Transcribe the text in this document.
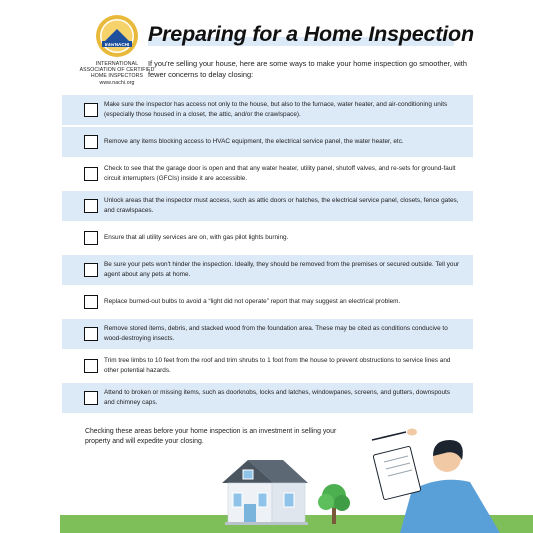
InterNACHI
INTERNATIONAL
ASSOCIATION OF CERTIFIED
HOME INSPECTORS
www.nachi.org
Preparing for a Home Inspection

If you're selling your house, here are some ways to make your home inspection go smoother, with fewer concerns to delay closing:

Make sure the inspector has access not only to the house, but also to the furnace, water heater, and air-conditioning units (especially those housed in a closet, the attic, and/or the crawlspace).
Remove any items blocking access to HVAC equipment, the electrical service panel, the water heater, etc.
Check to see that the garage door is open and that any water heater, utility panel, shutoff valves, and re-sets for ground-fault circuit interrupters (GFCIs) inside it are accessible.
Unlock areas that the inspector must access, such as attic doors or hatches, the electrical service panel, closets, fence gates, and crawlspaces.
Ensure that all utility services are on, with gas pilot lights burning.
Be sure your pets won't hinder the inspection. Ideally, they should be removed from the premises or secured outside. Tell your agent about any pets at home.
Replace burned-out bulbs to avoid a “light did not operate” report that may suggest an electrical problem.
Remove stored items, debris, and stacked wood from the foundation area. These may be cited as conditions conducive to wood-destroying insects.
Trim tree limbs to 10 feet from the roof and trim shrubs to 1 foot from the house to prevent obstructions to service lines and other potential hazards.
Attend to broken or missing items, such as doorknobs, locks and latches, windowpanes, screens, and gutters, downspouts and chimney caps.

Checking these areas before your home inspection is an investment in selling your property and will expedite your closing.
